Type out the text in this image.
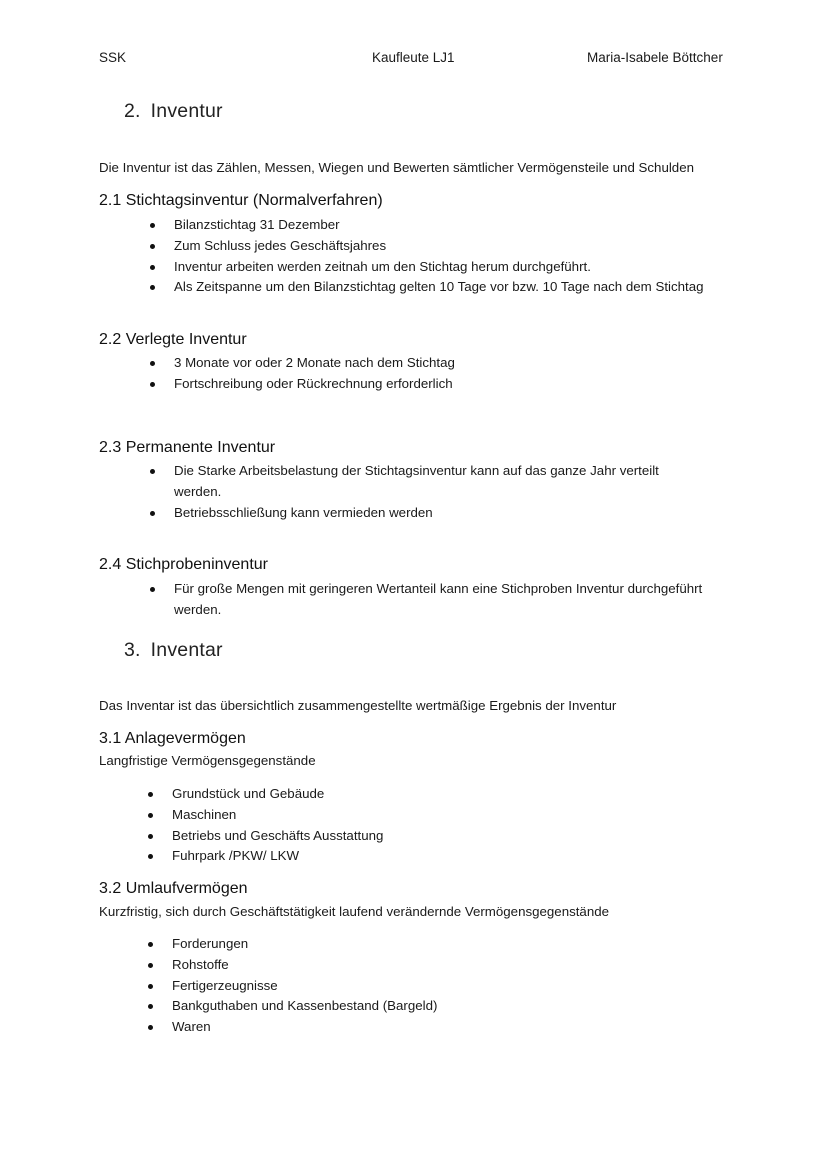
SSK	Kaufleute LJ1	Maria-Isabele Böttcher
2. Inventur
Die Inventur ist das Zählen, Messen, Wiegen und Bewerten sämtlicher Vermögensteile und Schulden
2.1 Stichtagsinventur (Normalverfahren)
Bilanzstichtag 31 Dezember
Zum Schluss jedes Geschäftsjahres
Inventur arbeiten werden zeitnah um den Stichtag herum durchgeführt.
Als Zeitspanne um den Bilanzstichtag gelten 10 Tage vor bzw. 10 Tage nach dem Stichtag
2.2 Verlegte Inventur
3 Monate vor oder 2 Monate nach dem Stichtag
Fortschreibung oder Rückrechnung erforderlich
2.3 Permanente Inventur
Die Starke Arbeitsbelastung der Stichtagsinventur kann auf das ganze Jahr verteilt werden.
Betriebsschließung kann vermieden werden
2.4 Stichprobeninventur
Für große Mengen mit geringeren Wertanteil kann eine Stichproben Inventur durchgeführt werden.
3. Inventar
Das Inventar ist das übersichtlich zusammengestellte wertmäßige Ergebnis der Inventur
3.1 Anlagevermögen
Langfristige Vermögensgegenstände
Grundstück und Gebäude
Maschinen
Betriebs und Geschäfts Ausstattung
Fuhrpark /PKW/ LKW
3.2 Umlaufvermögen
Kurzfristig, sich durch Geschäftstätigkeit laufend verändernde Vermögensgegenstände
Forderungen
Rohstoffe
Fertigerzeugnisse
Bankguthaben und Kassenbestand (Bargeld)
Waren
